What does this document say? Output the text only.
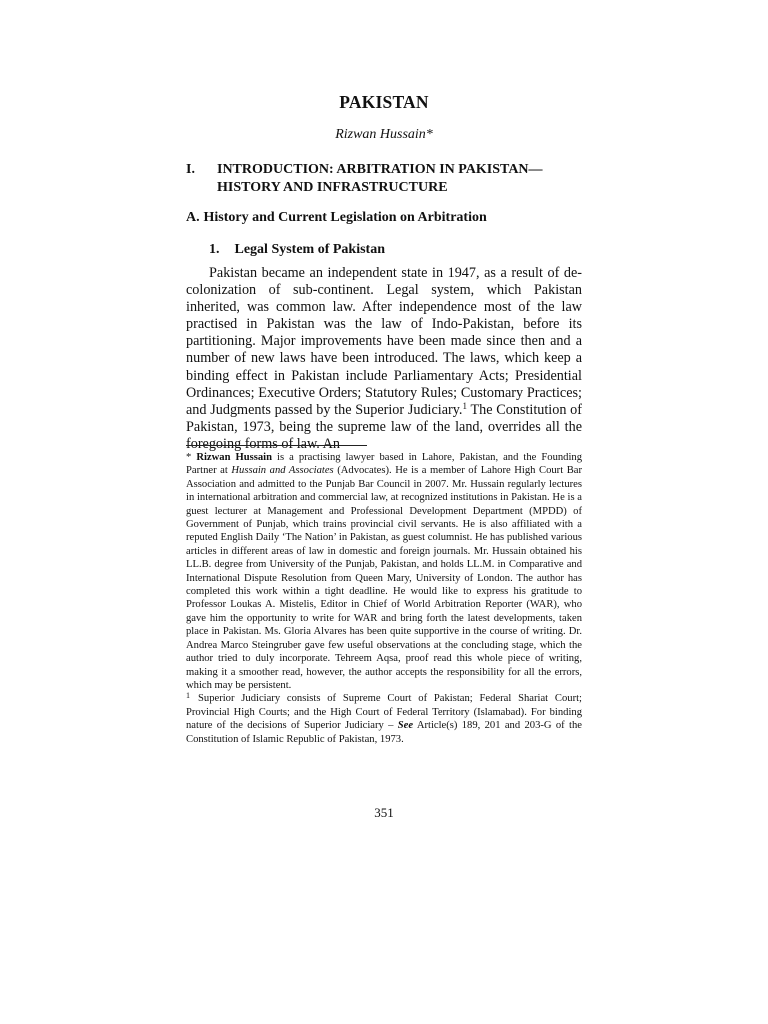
PAKISTAN
Rizwan Hussain*
I. INTRODUCTION: ARBITRATION IN PAKISTAN— HISTORY AND INFRASTRUCTURE
A. History and Current Legislation on Arbitration
1. Legal System of Pakistan

Pakistan became an independent state in 1947, as a result of de-colonization of sub-continent. Legal system, which Pakistan inherited, was common law. After independence most of the law practised in Pakistan was the law of Indo-Pakistan, before its partitioning. Major improvements have been made since then and a number of new laws have been introduced. The laws, which keep a binding effect in Pakistan include Parliamentary Acts; Presidential Ordinances; Executive Orders; Statutory Rules; Customary Practices; and Judgments passed by the Superior Judiciary.$^1$ The Constitution of Pakistan, 1973, being the supreme law of the land, overrides all the foregoing forms of law. An

* Rizwan Hussain is a practising lawyer based in Lahore, Pakistan, and the Founding Partner at Hussain and Associates (Advocates). He is a member of Lahore High Court Bar Association and admitted to the Punjab Bar Council in 2007. Mr. Hussain regularly lectures in international arbitration and commercial law, at recognized institutions in Pakistan. He is a guest lecturer at Management and Professional Development Department (MPDD) of Government of Punjab, which trains provincial civil servants. He is also affiliated with a reputed English Daily ‘The Nation’ in Pakistan, as guest columnist. He has published various articles in different areas of law in domestic and foreign journals. Mr. Hussain obtained his LL.B. degree from University of the Punjab, Pakistan, and holds LL.M. in Comparative and International Dispute Resolution from Queen Mary, University of London. The author has completed this work within a tight deadline. He would like to express his gratitude to Professor Loukas A. Mistelis, Editor in Chief of World Arbitration Reporter (WAR), who gave him the opportunity to write for WAR and bring forth the latest developments, taken place in Pakistan. Ms. Gloria Alvares has been quite supportive in the course of writing. Dr. Andrea Marco Steingruber gave few useful observations at the concluding stage, which the author tried to duly incorporate. Tehreem Aqsa, proof read this whole piece of writing, making it a smoother read, however, the author accepts the responsibility for all the errors, which may be persistent.

$^1$ Superior Judiciary consists of Supreme Court of Pakistan; Federal Shariat Court; Provincial High Courts; and the High Court of Federal Territory (Islamabad). For binding nature of the decisions of Superior Judiciary – See Article(s) 189, 201 and 203-G of the Constitution of Islamic Republic of Pakistan, 1973.

351
